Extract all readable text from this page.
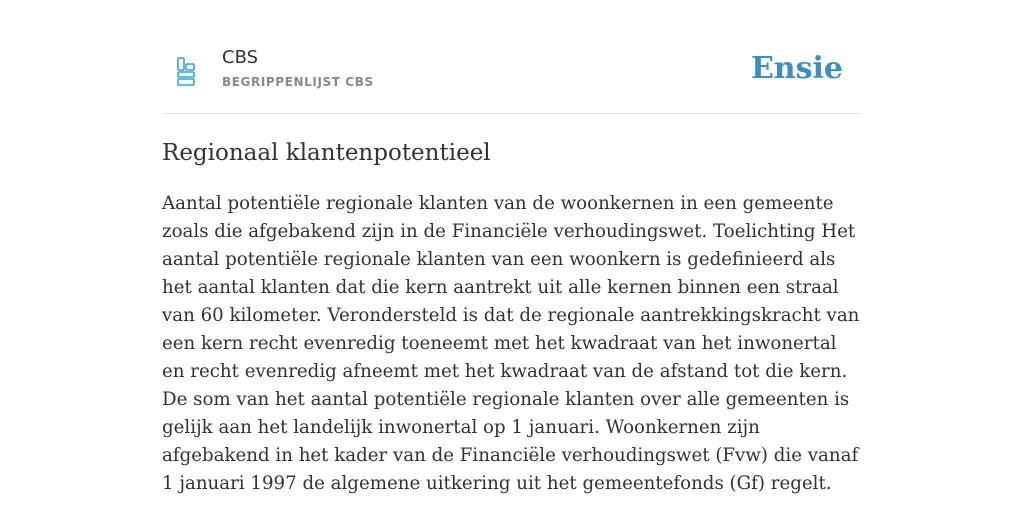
CBS
BEGRIPPENLIJST CBS	Ensie
Regionaal klantenpotentieel

Aantal potentiële regionale klanten van de woonkernen in een gemeente zoals die afgebakend zijn in de Financiële verhoudingswet. Toelichting Het aantal potentiële regionale klanten van een woonkern is gedefinieerd als het aantal klanten dat die kern aantrekt uit alle kernen binnen een straal van 60 kilometer. Verondersteld is dat de regionale aantrekkingskracht van een kern recht evenredig toeneemt met het kwadraat van het inwonertal en recht evenredig afneemt met het kwadraat van de afstand tot die kern. De som van het aantal potentiële regionale klanten over alle gemeenten is gelijk aan het landelijk inwonertal op 1 januari. Woonkernen zijn afgebakend in het kader van de Financiële verhoudingswet (Fvw) die vanaf 1 januari 1997 de algemene uitkering uit het gemeentefonds (Gf) regelt.
